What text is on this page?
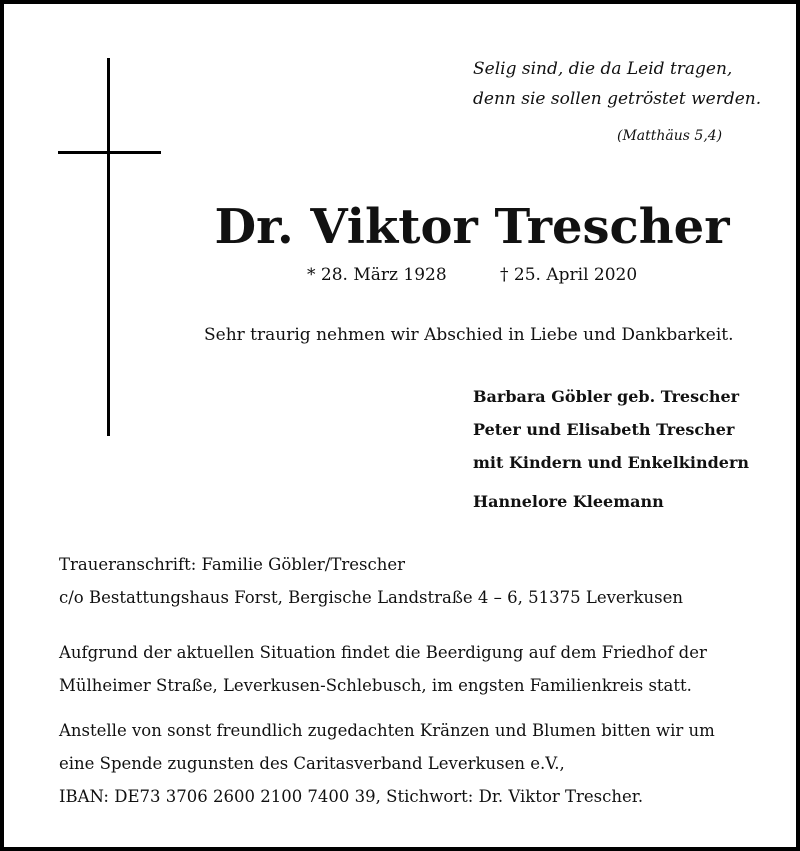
Selig sind, die da Leid tragen,
denn sie sollen getröstet werden.
(Matthäus 5,4)
Dr. Viktor Trescher
* 28. März 1928	† 25. April 2020
Sehr traurig nehmen wir Abschied in Liebe und Dankbarkeit.
Barbara Göbler geb. Trescher
Peter und Elisabeth Trescher
mit Kindern und Enkelkindern
Hannelore Kleemann
Traueranschrift: Familie Göbler/Trescher
c/o Bestattungshaus Forst, Bergische Landstraße 4 – 6, 51375 Leverkusen
Aufgrund der aktuellen Situation findet die Beerdigung auf dem Friedhof der
Mülheimer Straße, Leverkusen-Schlebusch, im engsten Familienkreis statt.
Anstelle von sonst freundlich zugedachten Kränzen und Blumen bitten wir um
eine Spende zugunsten des Caritasverband Leverkusen e.V.,
IBAN: DE73 3706 2600 2100 7400 39, Stichwort: Dr. Viktor Trescher.
